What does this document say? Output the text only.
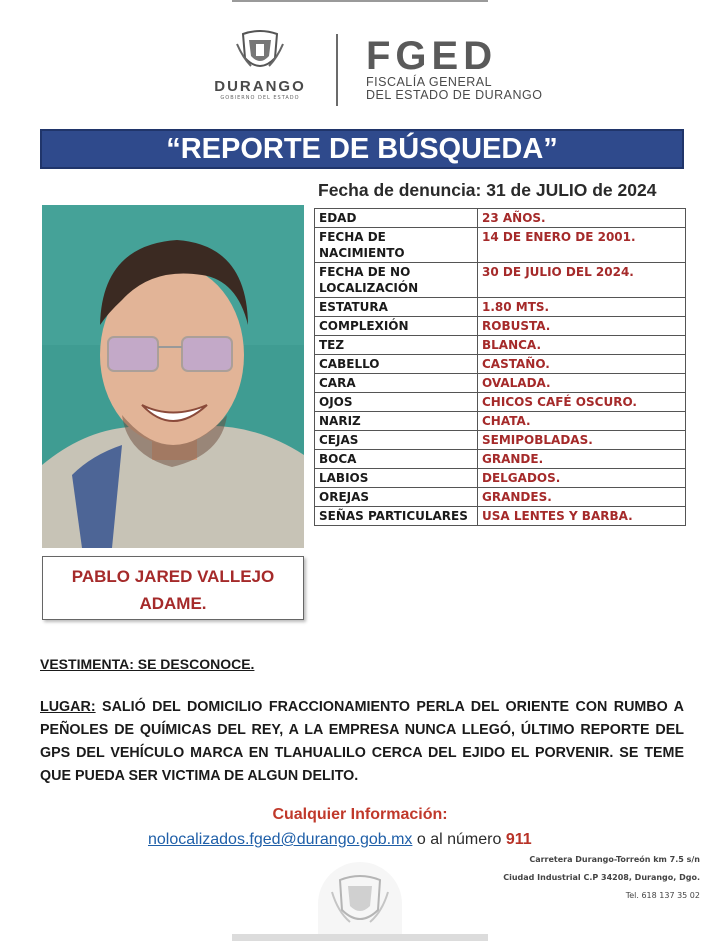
DURANGO
GOBIERNO DEL ESTADO
FGED
FISCALÍA GENERAL
DEL ESTADO DE DURANGO
“REPORTE DE BÚSQUEDA”
Fecha de denuncia: 31 de JULIO de 2024
EDAD	23 AÑOS.
FECHA DE NACIMIENTO	14 DE ENERO DE 2001.
FECHA DE NO LOCALIZACIÓN	30 DE JULIO DEL 2024.
ESTATURA	1.80 MTS.
COMPLEXIÓN	ROBUSTA.
TEZ	BLANCA.
CABELLO	CASTAÑO.
CARA	OVALADA.
OJOS	CHICOS CAFÉ OSCURO.
NARIZ	CHATA.
CEJAS	SEMIPOBLADAS.
BOCA	GRANDE.
LABIOS	DELGADOS.
OREJAS	GRANDES.
SEÑAS PARTICULARES	USA LENTES Y BARBA.
PABLO JARED VALLEJO
ADAME.
VESTIMENTA: SE DESCONOCE.
LUGAR: SALIÓ DEL DOMICILIO FRACCIONAMIENTO PERLA DEL ORIENTE CON RUMBO A PEÑOLES DE QUÍMICAS DEL REY, A LA EMPRESA NUNCA LLEGÓ, ÚLTIMO REPORTE DEL GPS DEL VEHÍCULO MARCA EN TLAHUALILO CERCA DEL EJIDO EL PORVENIR. SE TEME QUE PUEDA SER VICTIMA DE ALGUN DELITO.
Cualquier Información:
nolocalizados.fged@durango.gob.mx o al número 911
Carretera Durango-Torreón km 7.5 s/n
Ciudad Industrial C.P 34208, Durango, Dgo.
Tel. 618 137 35 02
